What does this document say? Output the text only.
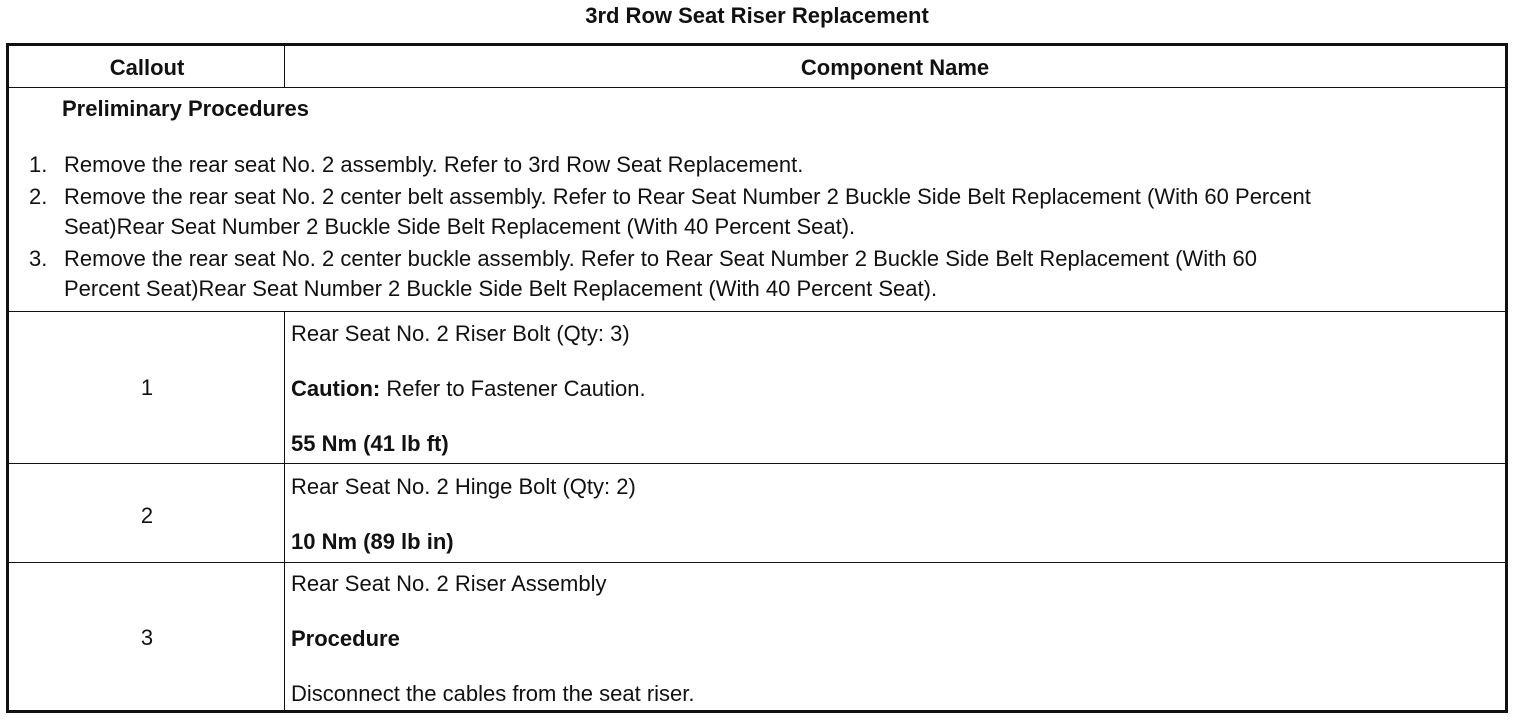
3rd Row Seat Riser Replacement
Callout	Component Name
Preliminary Procedures
1. Remove the rear seat No. 2 assembly. Refer to 3rd Row Seat Replacement.
2. Remove the rear seat No. 2 center belt assembly. Refer to Rear Seat Number 2 Buckle Side Belt Replacement (With 60 Percent
Seat)Rear Seat Number 2 Buckle Side Belt Replacement (With 40 Percent Seat).
3. Remove the rear seat No. 2 center buckle assembly. Refer to Rear Seat Number 2 Buckle Side Belt Replacement (With 60
Percent Seat)Rear Seat Number 2 Buckle Side Belt Replacement (With 40 Percent Seat).
1
Rear Seat No. 2 Riser Bolt (Qty: 3)
Caution: Refer to Fastener Caution.
55 Nm (41 lb ft)
2
Rear Seat No. 2 Hinge Bolt (Qty: 2)
10 Nm (89 lb in)
3
Rear Seat No. 2 Riser Assembly
Procedure
Disconnect the cables from the seat riser.
